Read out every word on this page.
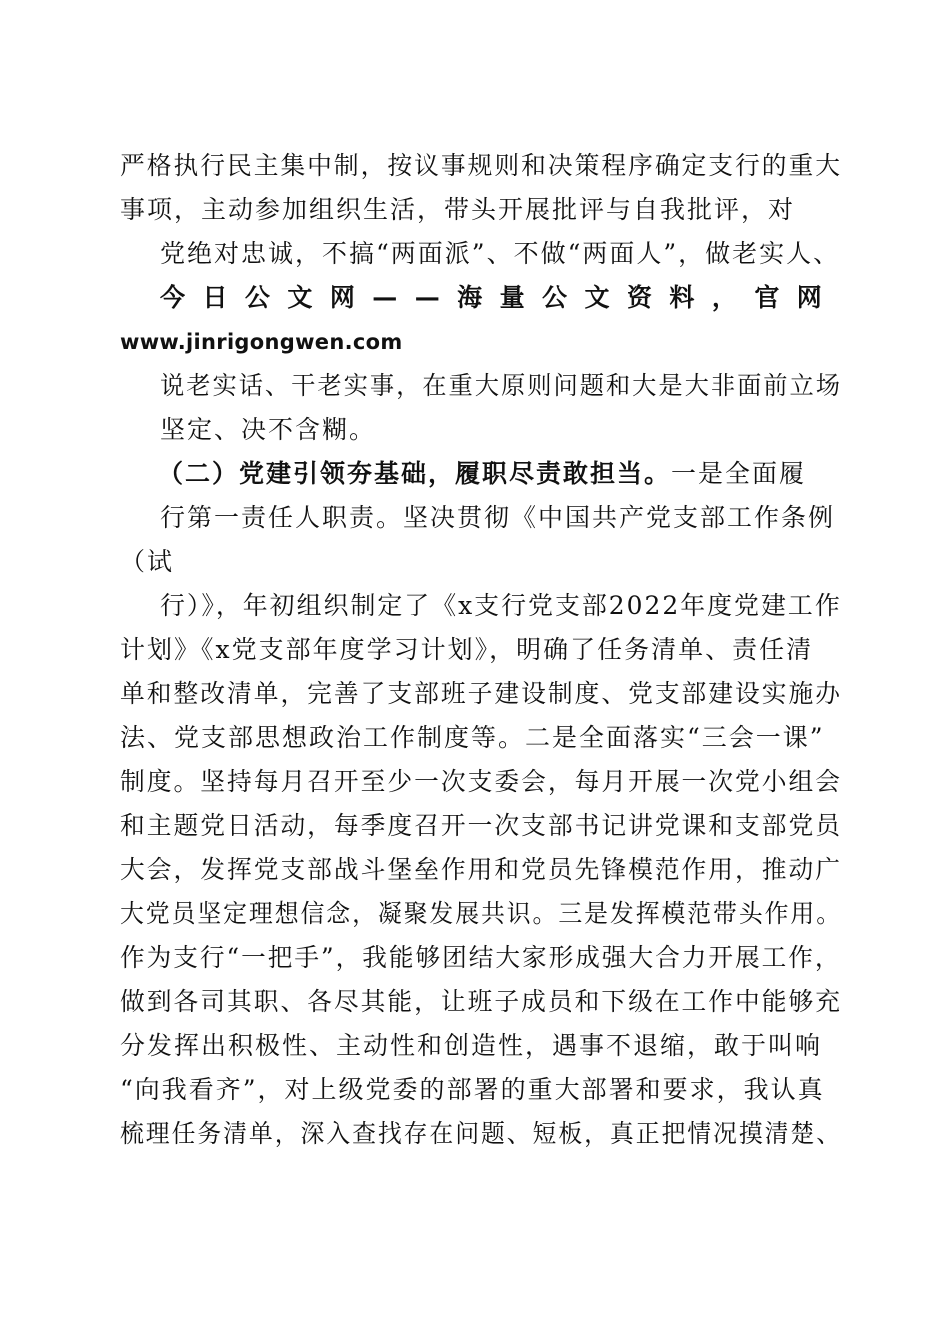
严格执行民主集中制，按议事规则和决策程序确定支行的重大
事项，主动参加组织生活，带头开展批评与自我批评，对
党绝对忠诚，不搞“两面派”、不做“两面人”，做老实人、
今 日 公 文 网 — — 海 量 公 文 资 料 ， 官 网
www.jinrigongwen.com
说老实话、干老实事，在重大原则问题和大是大非面前立场
坚定、决不含糊。
（二）党建引领夯基础，履职尽责敢担当。一是全面履
行第一责任人职责。坚决贯彻《中国共产党支部工作条例
（试
行）》，年初组织制定了《x支行党支部2022年度党建工作
计划》《x党支部年度学习计划》，明确了任务清单、责任清
单和整改清单，完善了支部班子建设制度、党支部建设实施办
法、党支部思想政治工作制度等。二是全面落实“三会一课”
制度。坚持每月召开至少一次支委会，每月开展一次党小组会
和主题党日活动，每季度召开一次支部书记讲党课和支部党员
大会，发挥党支部战斗堡垒作用和党员先锋模范作用，推动广
大党员坚定理想信念，凝聚发展共识。三是发挥模范带头作用。
作为支行“一把手”，我能够团结大家形成强大合力开展工作，
做到各司其职、各尽其能，让班子成员和下级在工作中能够充
分发挥出积极性、主动性和创造性，遇事不退缩，敢于叫响
“向我看齐”，对上级党委的部署的重大部署和要求，我认真
梳理任务清单，深入查找存在问题、短板，真正把情况摸清楚、
